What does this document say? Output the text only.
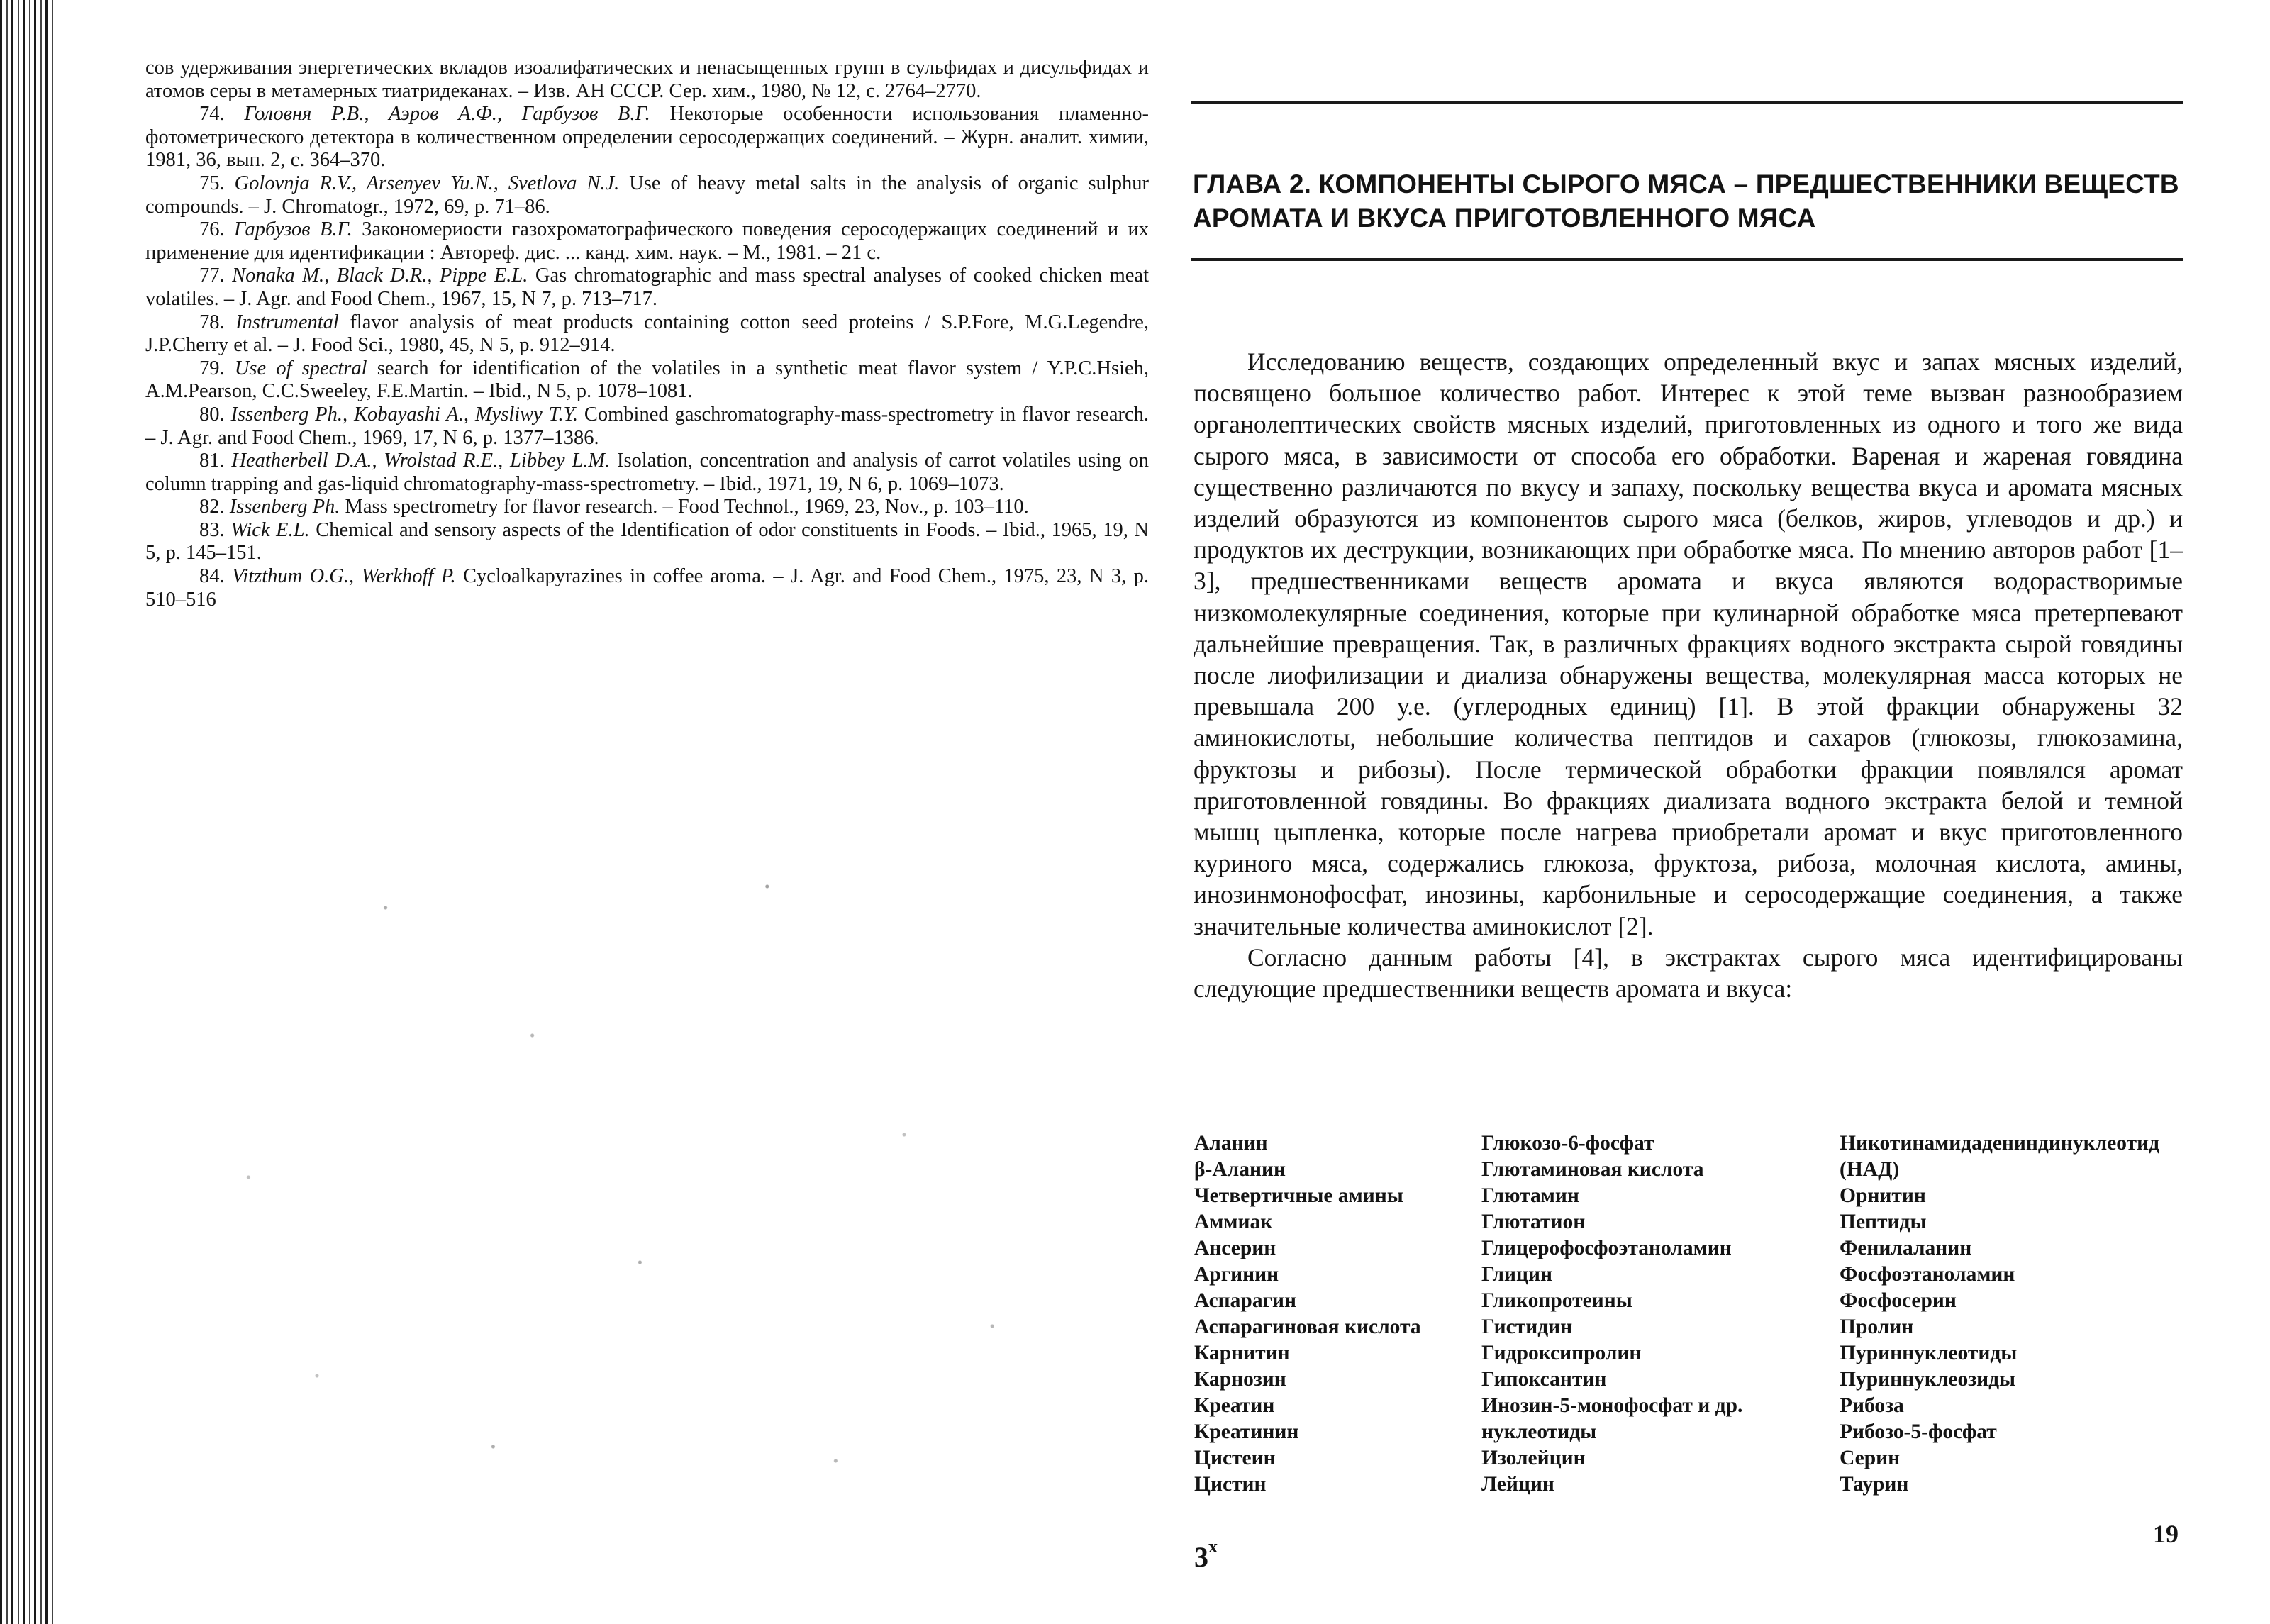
сов удерживания энергетических вкладов изоалифатических и ненасыщенных групп в сульфидах и дисульфидах и атомов серы в метамерных тиатридеканах. – Изв. АН СССР. Сер. хим., 1980, № 12, с. 2764–2770.

74. Головня Р.В., Аэров А.Ф., Гарбузов В.Г. Некоторые особенности использования пламенно-фотометрического детектора в количественном определении серосодержащих соединений. – Журн. аналит. химии, 1981, 36, вып. 2, с. 364–370.

75. Golovnja R.V., Arsenyev Yu.N., Svetlova N.J. Use of heavy metal salts in the analysis of organic sulphur compounds. – J. Chromatogr., 1972, 69, p. 71–86.

76. Гарбузов В.Г. Закономериости газохроматографического поведения серосодержащих соединений и их применение для идентификации : Автореф. дис. ... канд. хим. наук. – М., 1981. – 21 с.

77. Nonaka M., Black D.R., Pippe E.L. Gas chromatographic and mass spectral analyses of cooked chicken meat volatiles. – J. Agr. and Food Chem., 1967, 15, N 7, p. 713–717.

78. Instrumental flavor analysis of meat products containing cotton seed proteins / S.P.Fore, M.G.Legendre, J.P.Cherry et al. – J. Food Sci., 1980, 45, N 5, p. 912–914.

79. Use of spectral search for identification of the volatiles in a synthetic meat flavor system / Y.P.C.Hsieh, A.M.Pearson, C.C.Sweeley, F.E.Martin. – Ibid., N 5, p. 1078–1081.

80. Issenberg Ph., Kobayashi A., Mysliwy T.Y. Combined gaschromatography-mass-spectrometry in flavor research. – J. Agr. and Food Chem., 1969, 17, N 6, p. 1377–1386.

81. Heatherbell D.A., Wrolstad R.E., Libbey L.M. Isolation, concentration and analysis of carrot volatiles using on column trapping and gas-liquid chromatography-mass-spectrometry. – Ibid., 1971, 19, N 6, p. 1069–1073.

82. Issenberg Ph. Mass spectrometry for flavor research. – Food Technol., 1969, 23, Nov., p. 103–110.

83. Wick E.L. Chemical and sensory aspects of the Identification of odor constituents in Foods. – Ibid., 1965, 19, N 5, p. 145–151.

84. Vitzthum O.G., Werkhoff P. Cycloalkapyrazines in coffee aroma. – J. Agr. and Food Chem., 1975, 23, N 3, p. 510–516

ГЛАВА 2. КОМПОНЕНТЫ СЫРОГО МЯСА – ПРЕДШЕСТВЕННИКИ ВЕЩЕСТВ АРОМАТА И ВКУСА ПРИГОТОВЛЕННОГО МЯСА

Исследованию веществ, создающих определенный вкус и запах мясных изделий, посвящено большое количество работ. Интерес к этой теме вызван разнообразием органолептических свойств мясных изделий, приготовленных из одного и того же вида сырого мяса, в зависимости от способа его обработки. Вареная и жареная говядина существенно различаются по вкусу и запаху, поскольку вещества вкуса и аромата мясных изделий образуются из компонентов сырого мяса (белков, жиров, углеводов и др.) и продуктов их деструкции, возникающих при обработке мяса. По мнению авторов работ [1–3], предшественниками веществ аромата и вкуса являются водорастворимые низкомолекулярные соединения, которые при кулинарной обработке мяса претерпевают дальнейшие превращения. Так, в различных фракциях водного экстракта сырой говядины после лиофилизации и диализа обнаружены вещества, молекулярная масса которых не превышала 200 у.е. (углеродных единиц) [1]. В этой фракции обнаружены 32 аминокислоты, небольшие количества пептидов и сахаров (глюкозы, глюкозамина, фруктозы и рибозы). После термической обработки фракции появлялся аромат приготовленной говядины. Во фракциях диализата водного экстракта белой и темной мышц цыпленка, которые после нагрева приобретали аромат и вкус приготовленного куриного мяса, содержались глюкоза, фруктоза, рибоза, молочная кислота, амины, инозинмонофосфат, инозины, карбонильные и серосодержащие соединения, а также значительные количества аминокислот [2].

Согласно данным работы [4], в экстрактах сырого мяса идентифицированы следующие предшественники веществ аромата и вкуса:

Аланин
β-Аланин
Четвертичные амины
Аммиак
Ансерин
Аргинин
Аспарагин
Аспарагиновая кислота
Карнитин
Карнозин
Креатин
Креатинин
Цистеин
Цистин
Глюкозо-6-фосфат
Глютаминовая кислота
Глютамин
Глютатион
Глицерофосфоэтаноламин
Глицин
Гликопротеины
Гистидин
Гидроксипролин
Гипоксантин
Инозин-5-монофосфат и др.
нуклеотиды
Изолейцин
Лейцин
Никотинамидадениндинуклеотид (НАД)
Орнитин
Пептиды
Фенилаланин
Фосфоэтаноламин
Фосфосерин
Пролин
Пуриннуклеотиды
Пуриннуклеозиды
Рибоза
Рибозо-5-фосфат
Серин
Таурин
3$^x$	19
